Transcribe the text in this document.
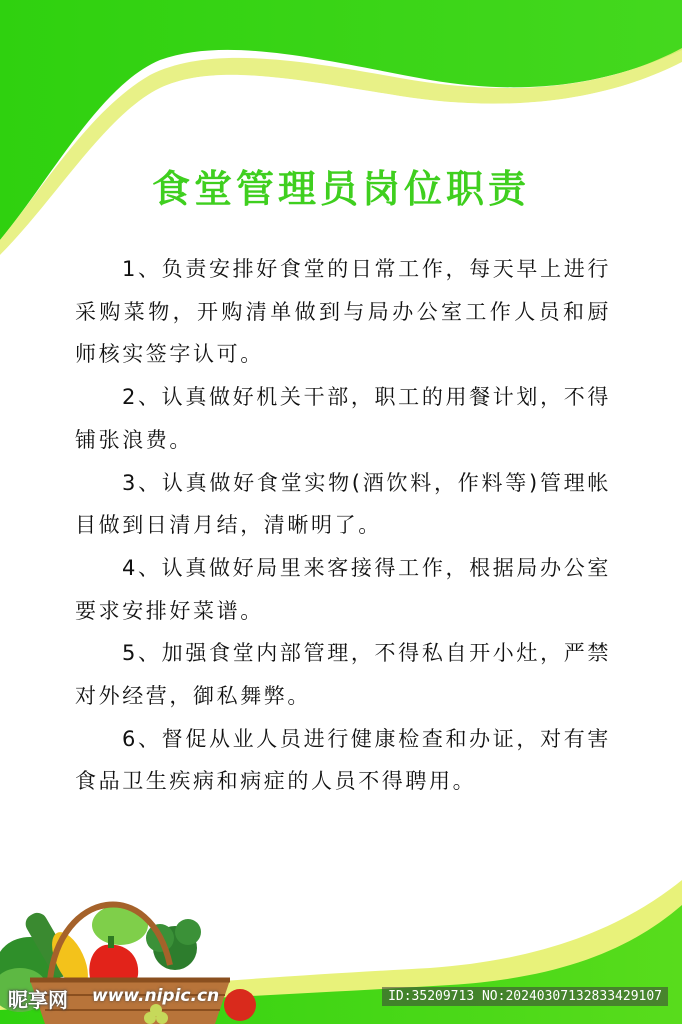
食堂管理员岗位职责

1、负责安排好食堂的日常工作，每天早上进行采购菜物，开购清单做到与局办公室工作人员和厨师核实签字认可。

2、认真做好机关干部，职工的用餐计划，不得铺张浪费。

3、认真做好食堂实物(酒饮料，作料等)管理帐目做到日清月结，清晰明了。

4、认真做好局里来客接得工作，根据局办公室要求安排好菜谱。

5、加强食堂内部管理，不得私自开小灶，严禁对外经营，御私舞弊。

6、督促从业人员进行健康检查和办证，对有害食品卫生疾病和病症的人员不得聘用。

昵享网 www.nipic.cn	ID:35209713 NO:20240307132833429107
